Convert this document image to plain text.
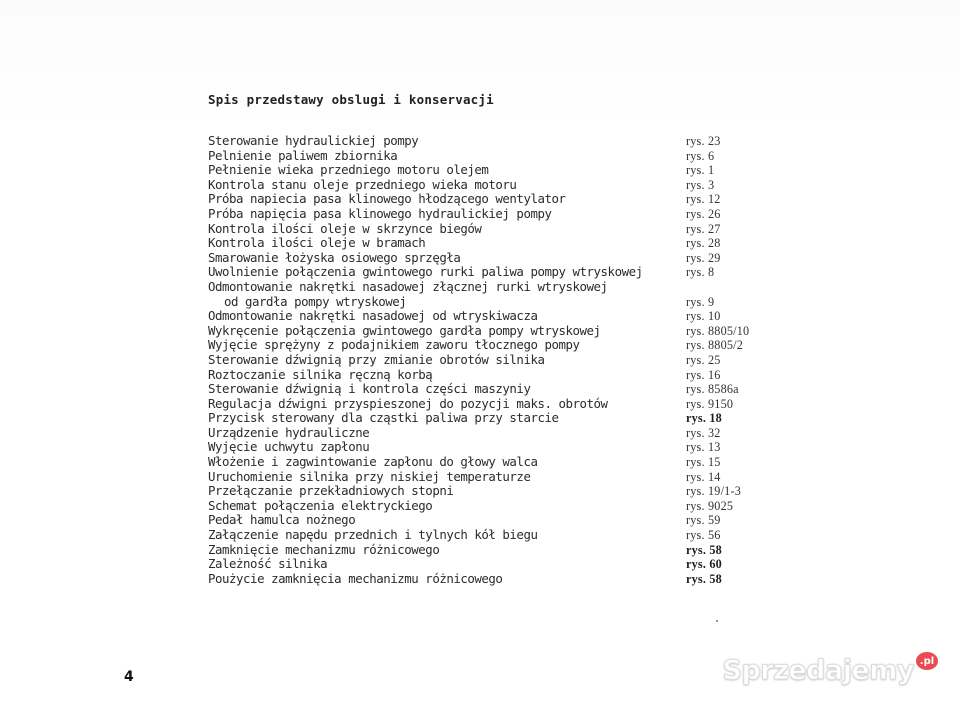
Spis przedstawy obslugi i konservacji
Sterowanie hydraulickiej pompy	rys. 23
Pelnienie paliwem zbiornika	rys. 6
Pełnienie wieka przedniego motoru olejem	rys. 1
Kontrola stanu oleje przedniego wieka motoru	rys. 3
Próba napiecia pasa klinowego hłodzącego wentylator	rys. 12
Próba napięcia pasa klinowego hydraulickiej pompy	rys. 26
Kontrola ilości oleje w skrzynce biegów	rys. 27
Kontrola ilości oleje w bramach	rys. 28
Smarowanie łożyska osiowego sprzęgła	rys. 29
Uwolnienie połączenia gwintowego rurki paliwa pompy wtryskowej	rys. 8
Odmontowanie nakrętki nasadowej złącznej rurki wtryskowej
od gardła pompy wtryskowej	rys. 9
Odmontowanie nakrętki nasadowej od wtryskiwacza	rys. 10
Wykręcenie połączenia gwintowego gardła pompy wtryskowej	rys. 8805/10
Wyjęcie sprężyny z podajnikiem zaworu tłocznego pompy	rys. 8805/2
Sterowanie dźwignią przy zmianie obrotów silnika	rys. 25
Roztoczanie silnika ręczną korbą	rys. 16
Sterowanie dźwignią i kontrola części maszyniy	rys. 8586a
Regulacja dźwigni przyspieszonej do pozycji maks. obrotów	rys. 9150
Przycisk sterowany dla cząstki paliwa przy starcie	rys. 18
Urządzenie hydrauliczne	rys. 32
Wyjęcie uchwytu zapłonu	rys. 13
Włożenie i zagwintowanie zapłonu do głowy walca	rys. 15
Uruchomienie silnika przy niskiej temperaturze	rys. 14
Przełączanie przekładniowych stopni	rys. 19/1-3
Schemat połączenia elektryckiego	rys. 9025
Pedał hamulca nożnego	rys. 59
Załączenie napędu przednich i tylnych kół biegu	rys. 56
Zamknięcie mechanizmu różnicowego	rys. 58
Zależność silnika	rys. 60
Poużycie zamknięcia mechanizmu różnicowego	rys. 58
4	Sprzedajemy .pl
